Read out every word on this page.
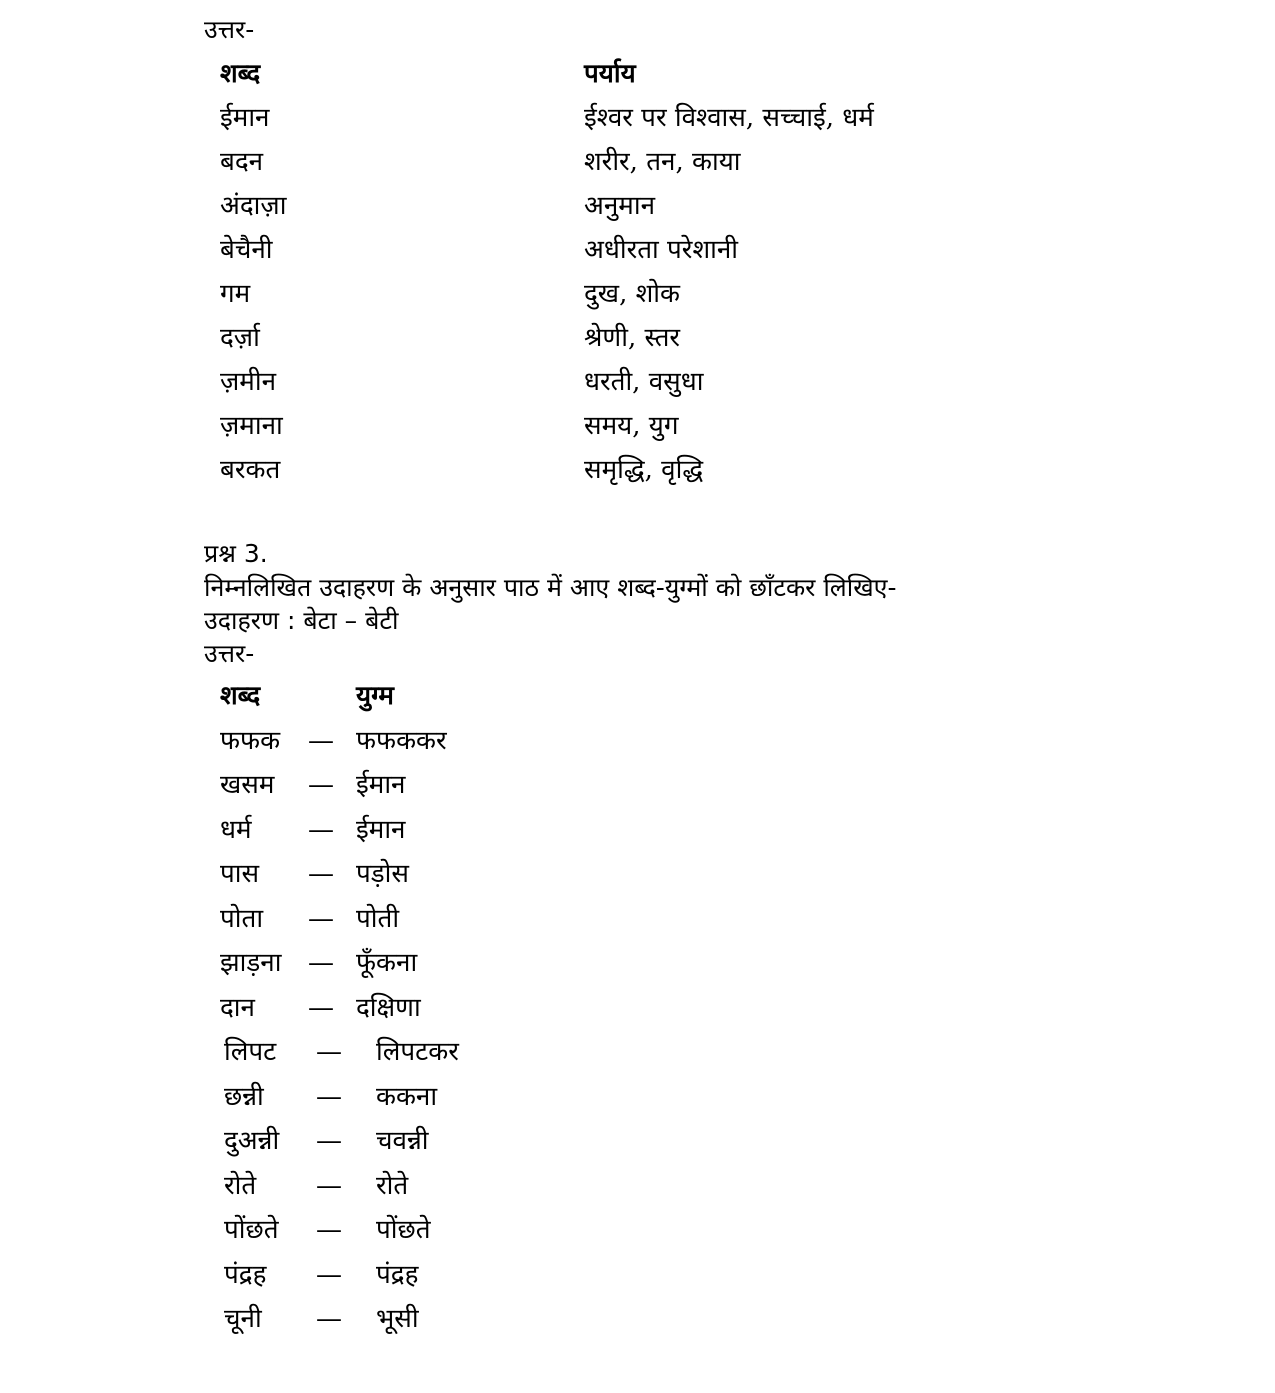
उत्तर-
शब्द	पर्याय
ईमान	ईश्वर पर विश्वास, सच्चाई, धर्म
बदन	शरीर, तन, काया
अंदाज़ा	अनुमान
बेचैनी	अधीरता परेशानी
गम	दुख, शोक
दर्ज़ा	श्रेणी, स्तर
ज़मीन	धरती, वसुधा
ज़माना	समय, युग
बरकत	समृद्धि, वृद्धि
प्रश्न 3.
निम्नलिखित उदाहरण के अनुसार पाठ में आए शब्द-युग्मों को छाँटकर लिखिए-
उदाहरण : बेटा – बेटी
उत्तर-
शब्द	युग्म
फफक — फफककर
खसम — ईमान
धर्म — ईमान
पास — पड़ोस
पोता — पोती
झाड़ना — फूँकना
दान — दक्षिणा
लिपट — लिपटकर
छन्नी — ककना
दुअन्नी — चवन्नी
रोते — रोते
पोंछते — पोंछते
पंद्रह — पंद्रह
चूनी — भूसी
